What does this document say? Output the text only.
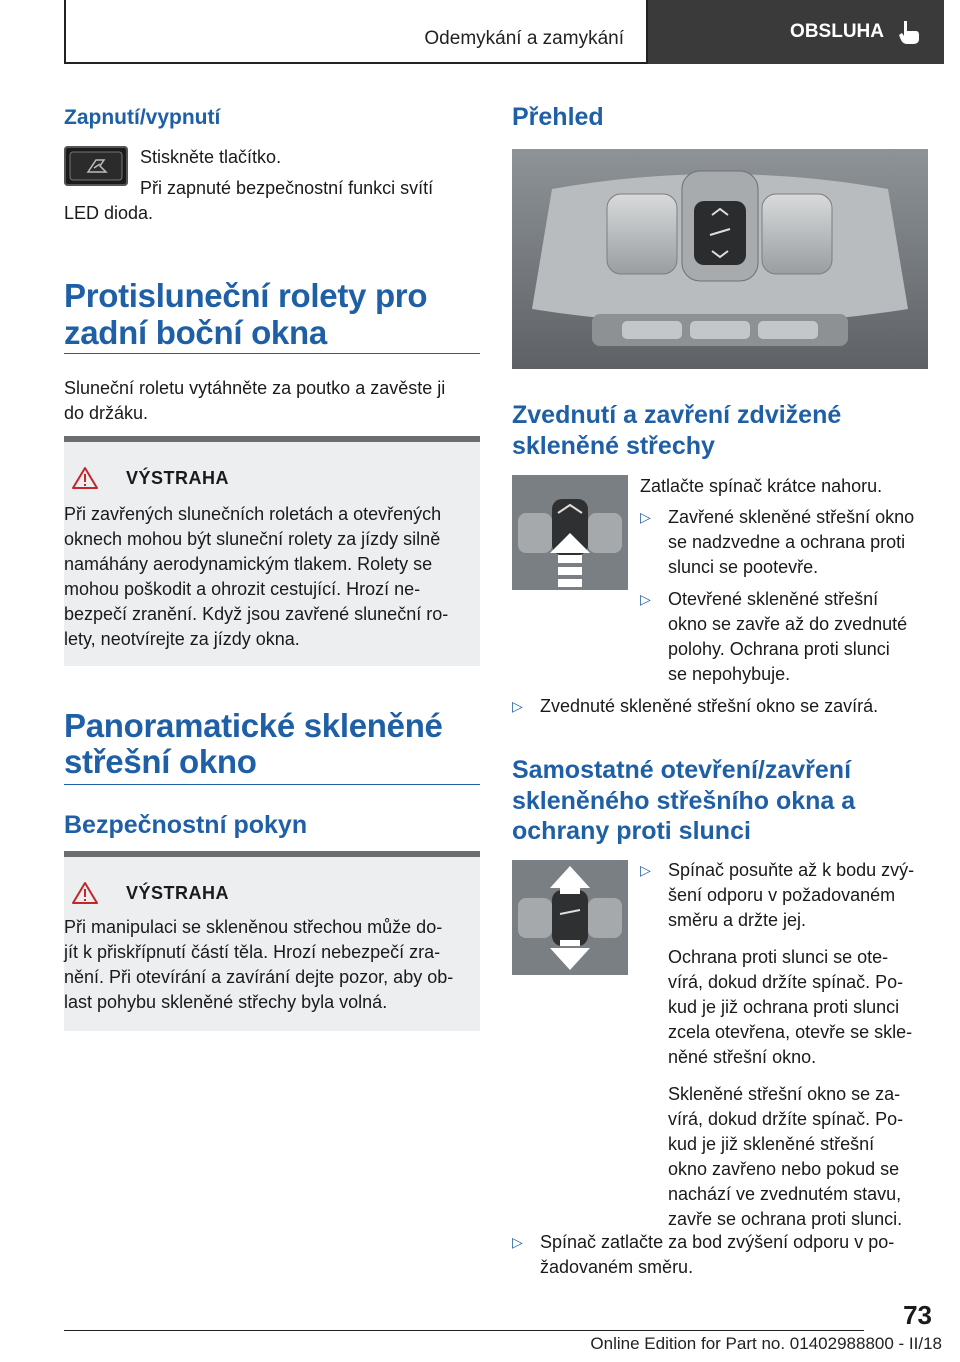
Odemykání a zamykání	OBSLUHA
Zapnutí/vypnutí
Stiskněte tlačítko.
Při zapnuté bezpečnostní funkci svítí
LED dioda.
Protisluneční rolety pro
zadní boční okna
Sluneční roletu vytáhněte za poutko a zavěste ji
do držáku.
VÝSTRAHA
Při zavřených slunečních roletách a otevřených
oknech mohou být sluneční rolety za jízdy silně
namáhány aerodynamickým tlakem. Rolety se
mohou poškodit a ohrozit cestující. Hrozí ne-
bezpečí zranění. Když jsou zavřené sluneční ro-
lety, neotvírejte za jízdy okna.
Panoramatické skleněné
střešní okno
Bezpečnostní pokyn
VÝSTRAHA
Při manipulaci se skleněnou střechou může do-
jít k přiskřípnutí částí těla. Hrozí nebezpečí zra-
nění. Při otevírání a zavírání dejte pozor, aby ob-
last pohybu skleněné střechy byla volná.
Přehled
Zvednutí a zavření zdvižené
skleněné střechy
Zatlačte spínač krátce nahoru.
▷ Zavřené skleněné střešní okno
se nadzvedne a ochrana proti
slunci se pootevře.
▷ Otevřené skleněné střešní
okno se zavře až do zvednuté
polohy. Ochrana proti slunci
se nepohybuje.
▷ Zvednuté skleněné střešní okno se zavírá.
Samostatné otevření/zavření
skleněného střešního okna a
ochrany proti slunci
▷ Spínač posuňte až k bodu zvý-
šení odporu v požadovaném
směru a držte jej.
Ochrana proti slunci se ote-
vírá, dokud držíte spínač. Po-
kud je již ochrana proti slunci
zcela otevřena, otevře se skle-
něné střešní okno.
Skleněné střešní okno se za-
vírá, dokud držíte spínač. Po-
kud je již skleněné střešní
okno zavřeno nebo pokud se
nachází ve zvednutém stavu,
zavře se ochrana proti slunci.
▷ Spínač zatlačte za bod zvýšení odporu v po-
žadovaném směru.
73
Online Edition for Part no. 01402988800 - II/18
